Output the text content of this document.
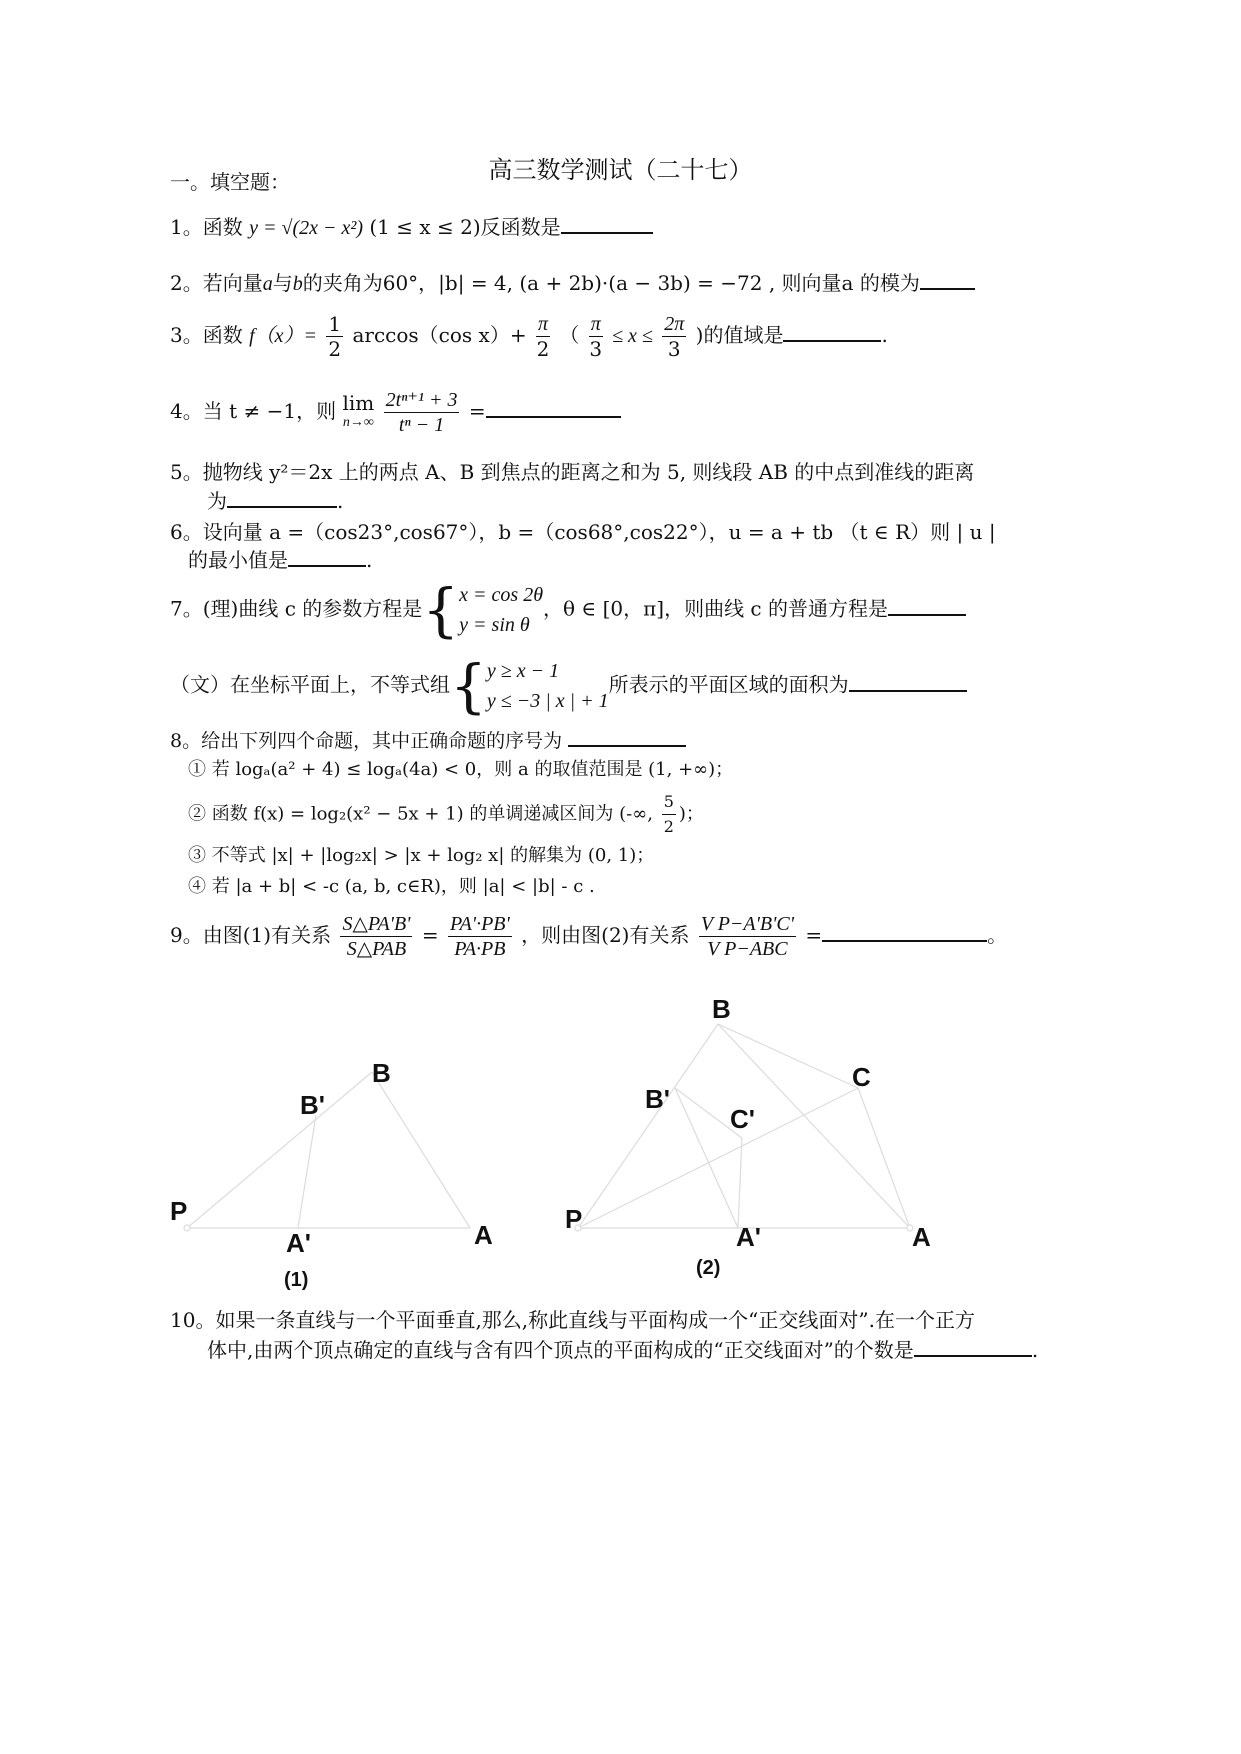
高三数学测试（二十七）
一。填空题：
1。函数 y = √(2x − x²) (1 ≤ x ≤ 2)反函数是
2。若向量a与b的夹角为60°，|b| = 4, (a + 2b)·(a − 3b) = −72 , 则向量a 的模为
3。函数 $f(x)= \frac{1}{2} \arccos(\cos$ $x)+ \frac{\pi}{2}$ （ $\frac{\pi}{3} \le x \le \frac{2\pi}{3}$ )的值域是	.
4。当 t ≠ −1，则 lim
n→∞
$\frac{\text{2tⁿ⁺¹ + 3}}{\text{tⁿ − 1}}$ =
5。抛物线 y²＝2x 上的两点 A、B 到焦点的距离之和为 5, 则线段 AB 的中点到准线的距离
为	.
6。设向量 a =（cos23°,cos67°），b =（cos68°,cos22°），u = a + tb （t ∈ R）则 | u |
的最小值是	.
7。(理)曲线 c 的参数方程是{ x = cos 2θ
y = sin θ
，θ ∈ [0，π]，则曲线 c 的普通方程是
（文）在坐标平面上，不等式组{ y ≥ x − 1
y ≤ −3 | x | + 1
所表示的平面区域的面积为
8。给出下列四个命题，其中正确命题的序号为
① 若 logₐ(a² + 4) ≤ logₐ(4a) < 0，则 a 的取值范围是 (1, +∞)；
② 函数 f(x) = log₂(x² − 5x + 1) 的单调递减区间为 (-∞, $\frac{5}{2}$ )；
③ 不等式 |x| + |log₂x| > |x + log₂ x| 的解集为 (0, 1)；
④ 若 |a + b| < -c (a, b, c∈R)，则 |a| < |b| - c .
9。由图(1)有关系 $\frac{S\triangle PA'B'}{\text{S△PAB}} = \frac{PA'\cdot PB'}{PA\cdot PB}$ ，则由图(2)有关系 $\frac{\text{V P−A'B'C'}}{\text{V P−ABC}}$ =	。
B
B'
P
A'	A
(1)
B
C
B'
C'
P
A'	A
(2)
10。如果一条直线与一个平面垂直,那么,称此直线与平面构成一个“正交线面对”.在一个正方
体中,由两个顶点确定的直线与含有四个顶点的平面构成的“正交线面对”的个数是	.
